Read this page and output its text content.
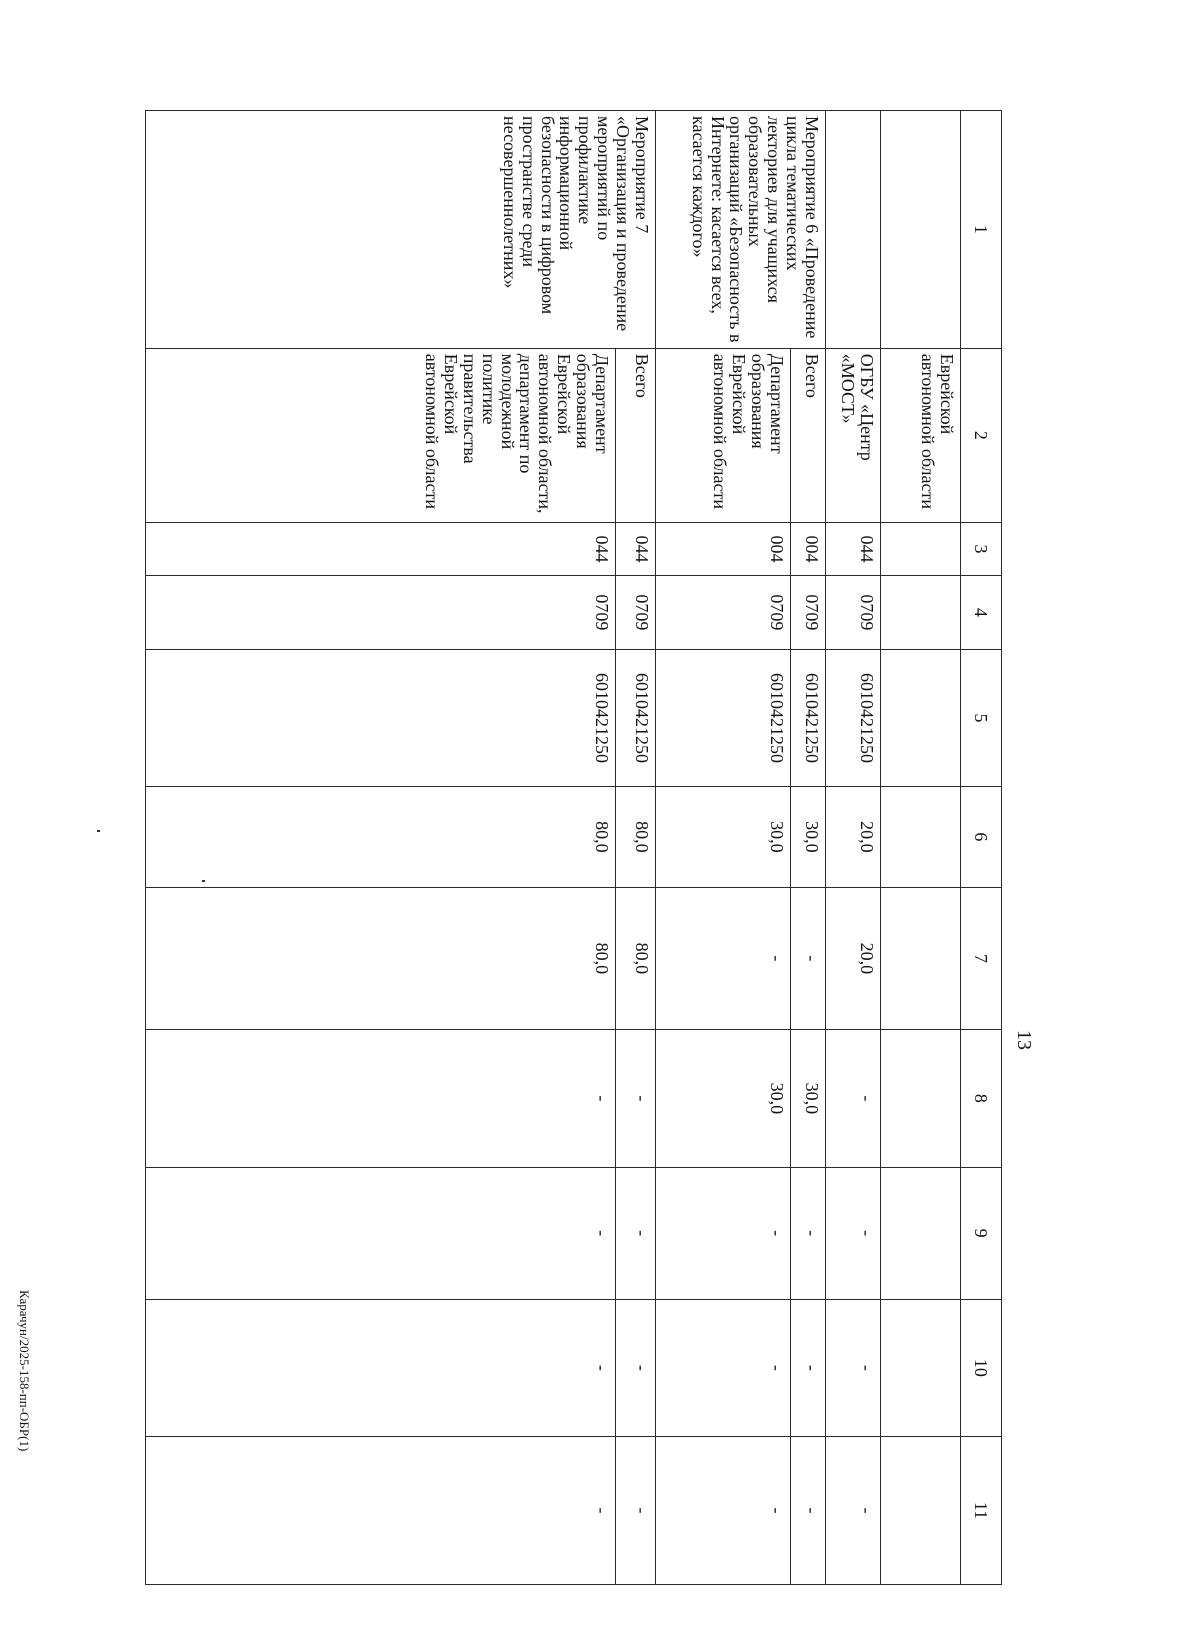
13
1	2	3	4	5	6	7	8	9	10	11
	Еврейской автономной области									
	ОГБУ «Центр «МОСТ»	044	0709	6010421250	20,0	20,0	-	-	-	-
Мероприятие 6 «Проведение цикла тематических лекториев для учащихся образовательных организаций «Безопасность в Интернете: касается всех, касается каждого»	Всего	004	0709	6010421250	30,0	-	30,0	-	-	-
	Департамент образования Еврейской автономной области	004	0709	6010421250	30,0	-	30,0	-	-	-
Мероприятие 7 «Организация и проведение мероприятий по профилактике информационной безопасности в цифровом пространстве среди несовершеннолетних»	Всего	044	0709	6010421250	80,0	80,0	-	-	-	-
	Департамент образования Еврейской автономной области, департамент по молодежной политике правительства Еврейской автономной области	044	0709	6010421250	80,0	80,0	-	-	-	-
Карачун/2025-158-пп-ОБР(1)
